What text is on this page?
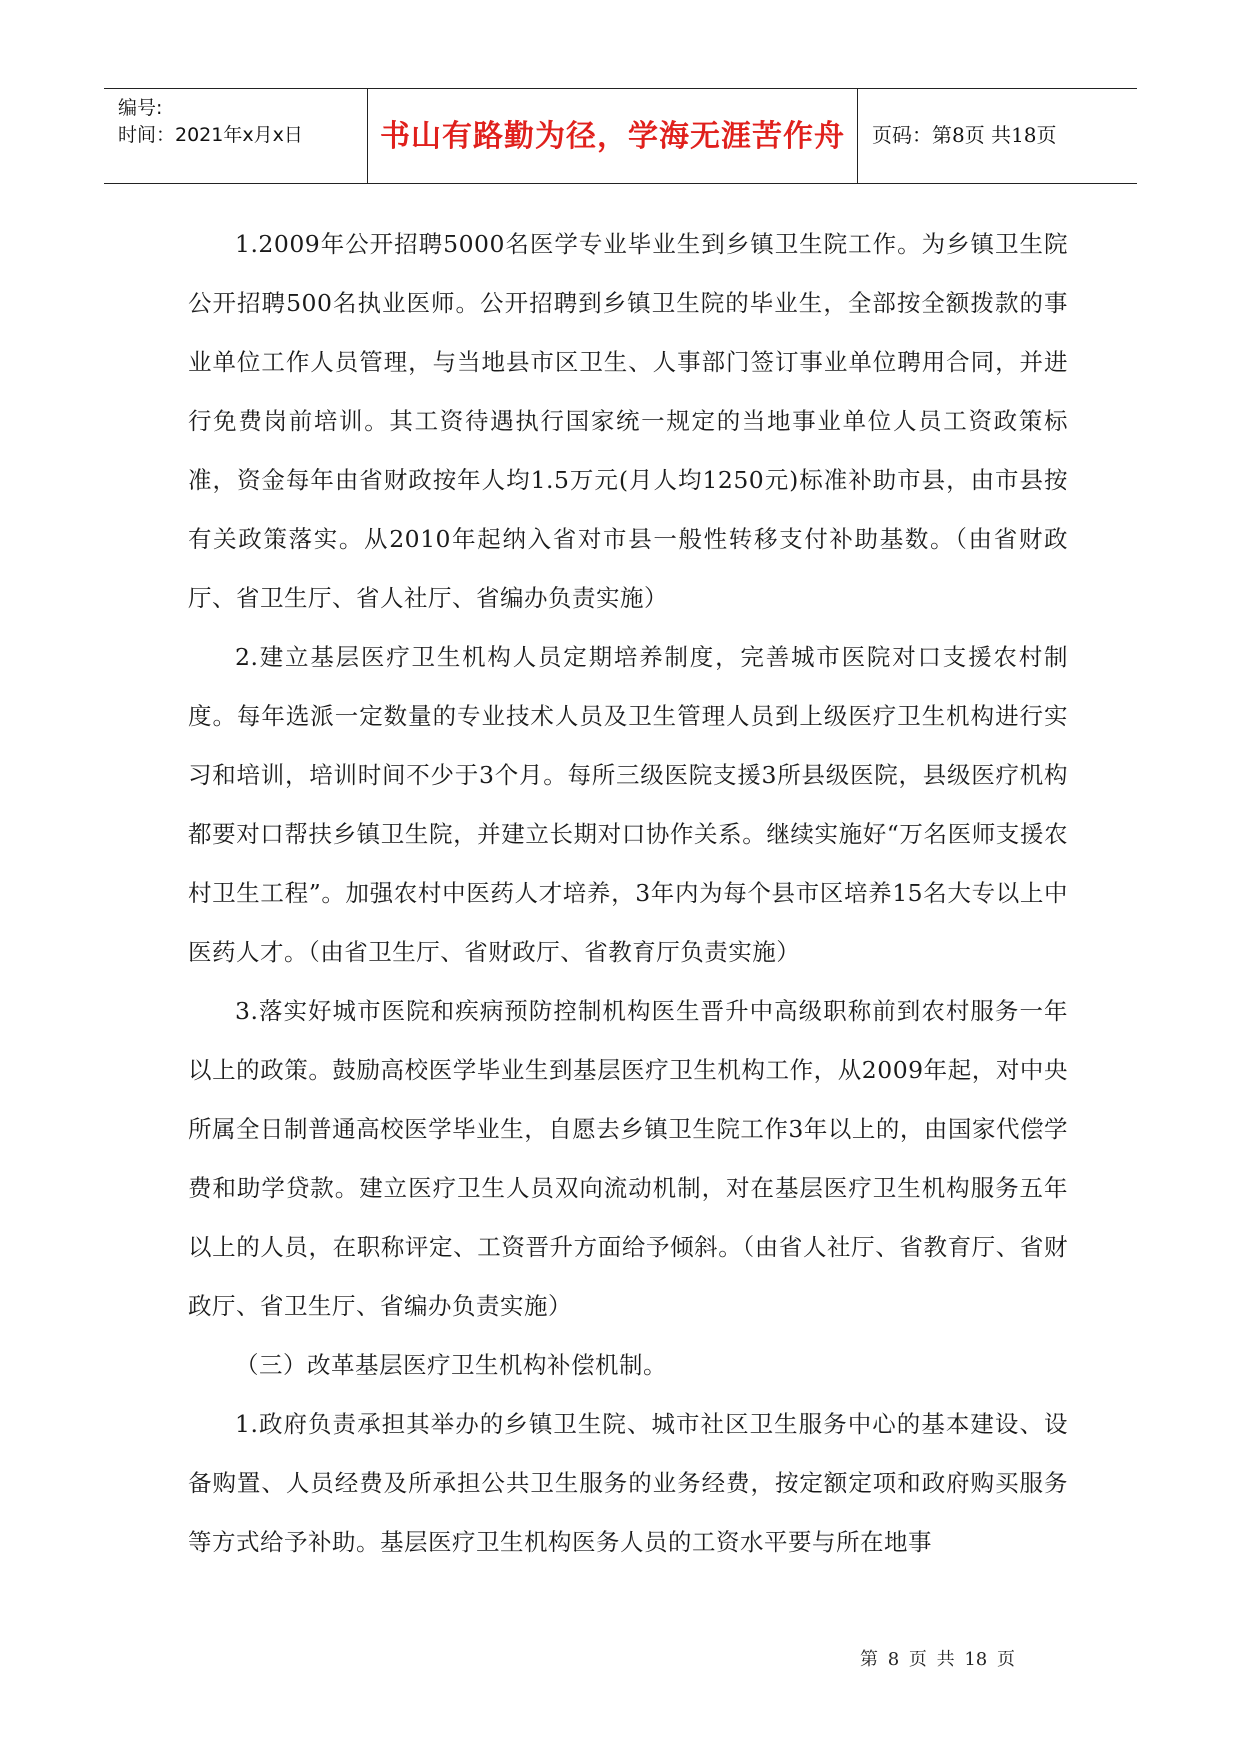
编号:
时间：2021年x月x日	书山有路勤为径，学海无涯苦作舟	页码：第8页 共18页

1.2009年公开招聘5000名医学专业毕业生到乡镇卫生院工作。为乡镇卫生院公开招聘500名执业医师。公开招聘到乡镇卫生院的毕业生，全部按全额拨款的事业单位工作人员管理，与当地县市区卫生、人事部门签订事业单位聘用合同，并进行免费岗前培训。其工资待遇执行国家统一规定的当地事业单位人员工资政策标准，资金每年由省财政按年人均1.5万元(月人均1250元)标准补助市县，由市县按有关政策落实。从2010年起纳入省对市县一般性转移支付补助基数。（由省财政厅、省卫生厅、省人社厅、省编办负责实施）

2.建立基层医疗卫生机构人员定期培养制度，完善城市医院对口支援农村制度。每年选派一定数量的专业技术人员及卫生管理人员到上级医疗卫生机构进行实习和培训，培训时间不少于3个月。每所三级医院支援3所县级医院，县级医疗机构都要对口帮扶乡镇卫生院，并建立长期对口协作关系。继续实施好“万名医师支援农村卫生工程”。加强农村中医药人才培养，3年内为每个县市区培养15名大专以上中医药人才。（由省卫生厅、省财政厅、省教育厅负责实施）

3.落实好城市医院和疾病预防控制机构医生晋升中高级职称前到农村服务一年以上的政策。鼓励高校医学毕业生到基层医疗卫生机构工作，从2009年起，对中央所属全日制普通高校医学毕业生，自愿去乡镇卫生院工作3年以上的，由国家代偿学费和助学贷款。建立医疗卫生人员双向流动机制，对在基层医疗卫生机构服务五年以上的人员，在职称评定、工资晋升方面给予倾斜。（由省人社厅、省教育厅、省财政厅、省卫生厅、省编办负责实施）

（三）改革基层医疗卫生机构补偿机制。

1.政府负责承担其举办的乡镇卫生院、城市社区卫生服务中心的基本建设、设备购置、人员经费及所承担公共卫生服务的业务经费，按定额定项和政府购买服务等方式给予补助。基层医疗卫生机构医务人员的工资水平要与所在地事

第 8 页 共 18 页
